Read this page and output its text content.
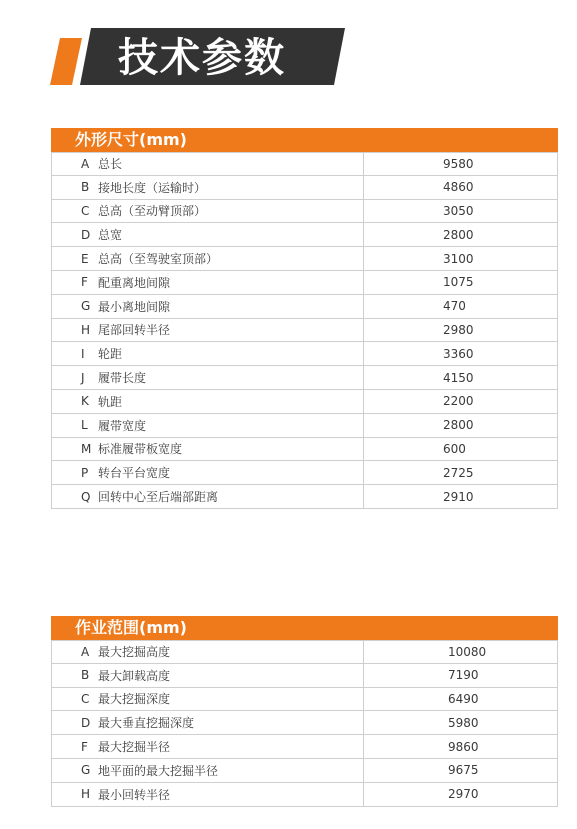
技术参数
外形尺寸(mm)
A 总长	9580
B 接地长度（运输时）	4860
C 总高（至动臂顶部）	3050
D 总宽	2800
E 总高（至驾驶室顶部）	3100
F 配重离地间隙	1075
G 最小离地间隙	470
H 尾部回转半径	2980
I	轮距	3360
J	履带长度	4150
K 轨距	2200
L 履带宽度	2800
M 标准履带板宽度	600
P 转台平台宽度	2725
Q 回转中心至后端部距离	2910
作业范围(mm)
A 最大挖掘高度	10080
B 最大卸载高度	7190
C 最大挖掘深度	6490
D 最大垂直挖掘深度	5980
F 最大挖掘半径	9860
G 地平面的最大挖掘半径	9675
H 最小回转半径	2970
